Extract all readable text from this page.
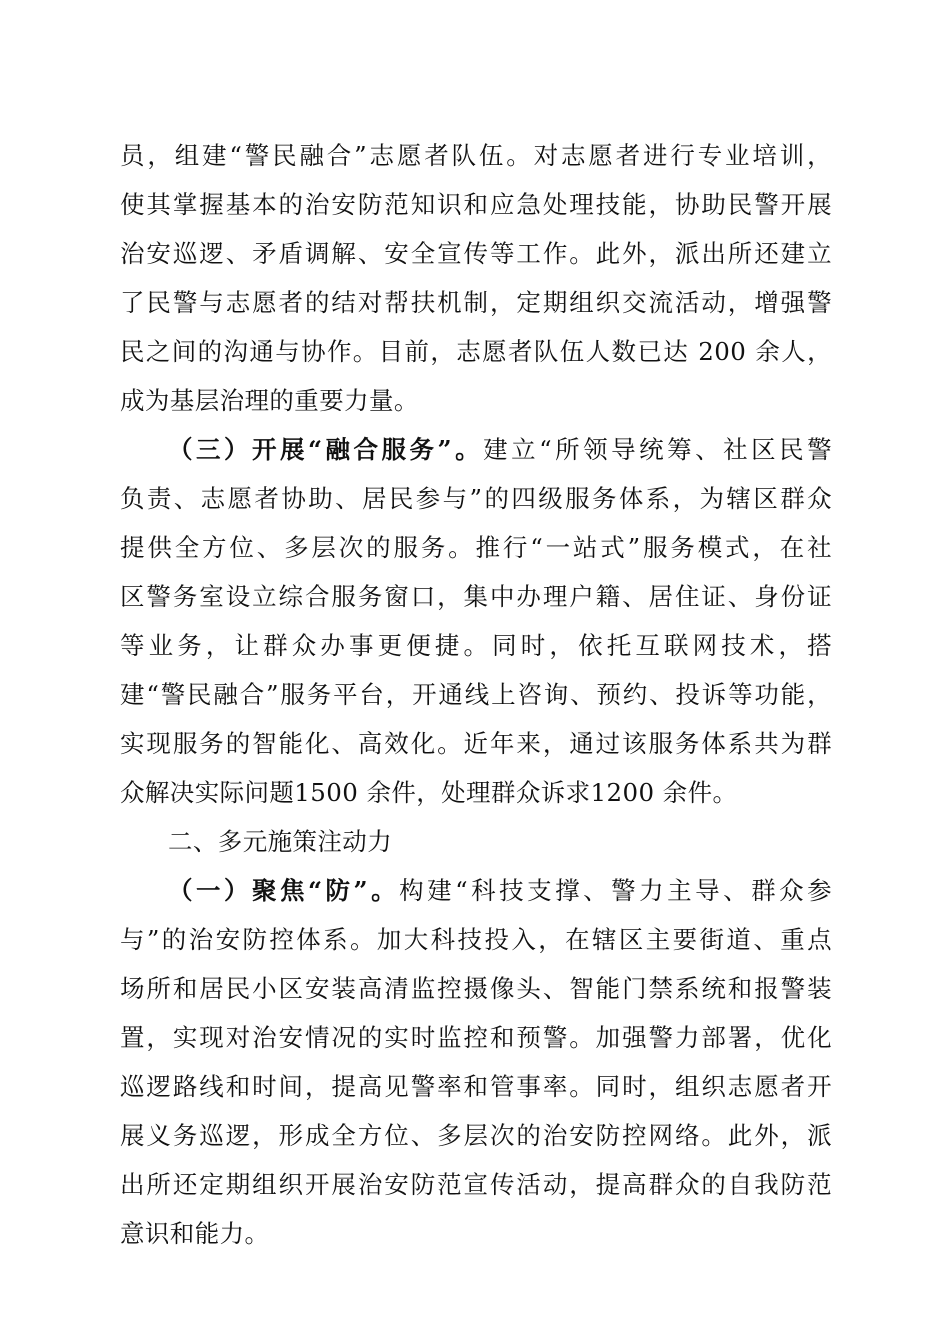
员，组建“警民融合”志愿者队伍。对志愿者进行专业培训，
使其掌握基本的治安防范知识和应急处理技能，协助民警开展
治安巡逻、矛盾调解、安全宣传等工作。此外，派出所还建立
了民警与志愿者的结对帮扶机制，定期组织交流活动，增强警
民之间的沟通与协作。目前，志愿者队伍人数已达 200 余人，
成为基层治理的重要力量。
（三）开展“融合服务”。建立“所领导统筹、社区民警
负责、志愿者协助、居民参与”的四级服务体系，为辖区群众
提供全方位、多层次的服务。推行“一站式”服务模式，在社
区警务室设立综合服务窗口，集中办理户籍、居住证、身份证
等业务，让群众办事更便捷。同时，依托互联网技术，搭
建“警民融合”服务平台，开通线上咨询、预约、投诉等功能，
实现服务的智能化、高效化。近年来，通过该服务体系共为群
众解决实际问题1500 余件，处理群众诉求1200 余件。
二、多元施策注动力
（一）聚焦“防”。构建“科技支撑、警力主导、群众参
与”的治安防控体系。加大科技投入，在辖区主要街道、重点
场所和居民小区安装高清监控摄像头、智能门禁系统和报警装
置，实现对治安情况的实时监控和预警。加强警力部署，优化
巡逻路线和时间，提高见警率和管事率。同时，组织志愿者开
展义务巡逻，形成全方位、多层次的治安防控网络。此外，派
出所还定期组织开展治安防范宣传活动，提高群众的自我防范
意识和能力。
